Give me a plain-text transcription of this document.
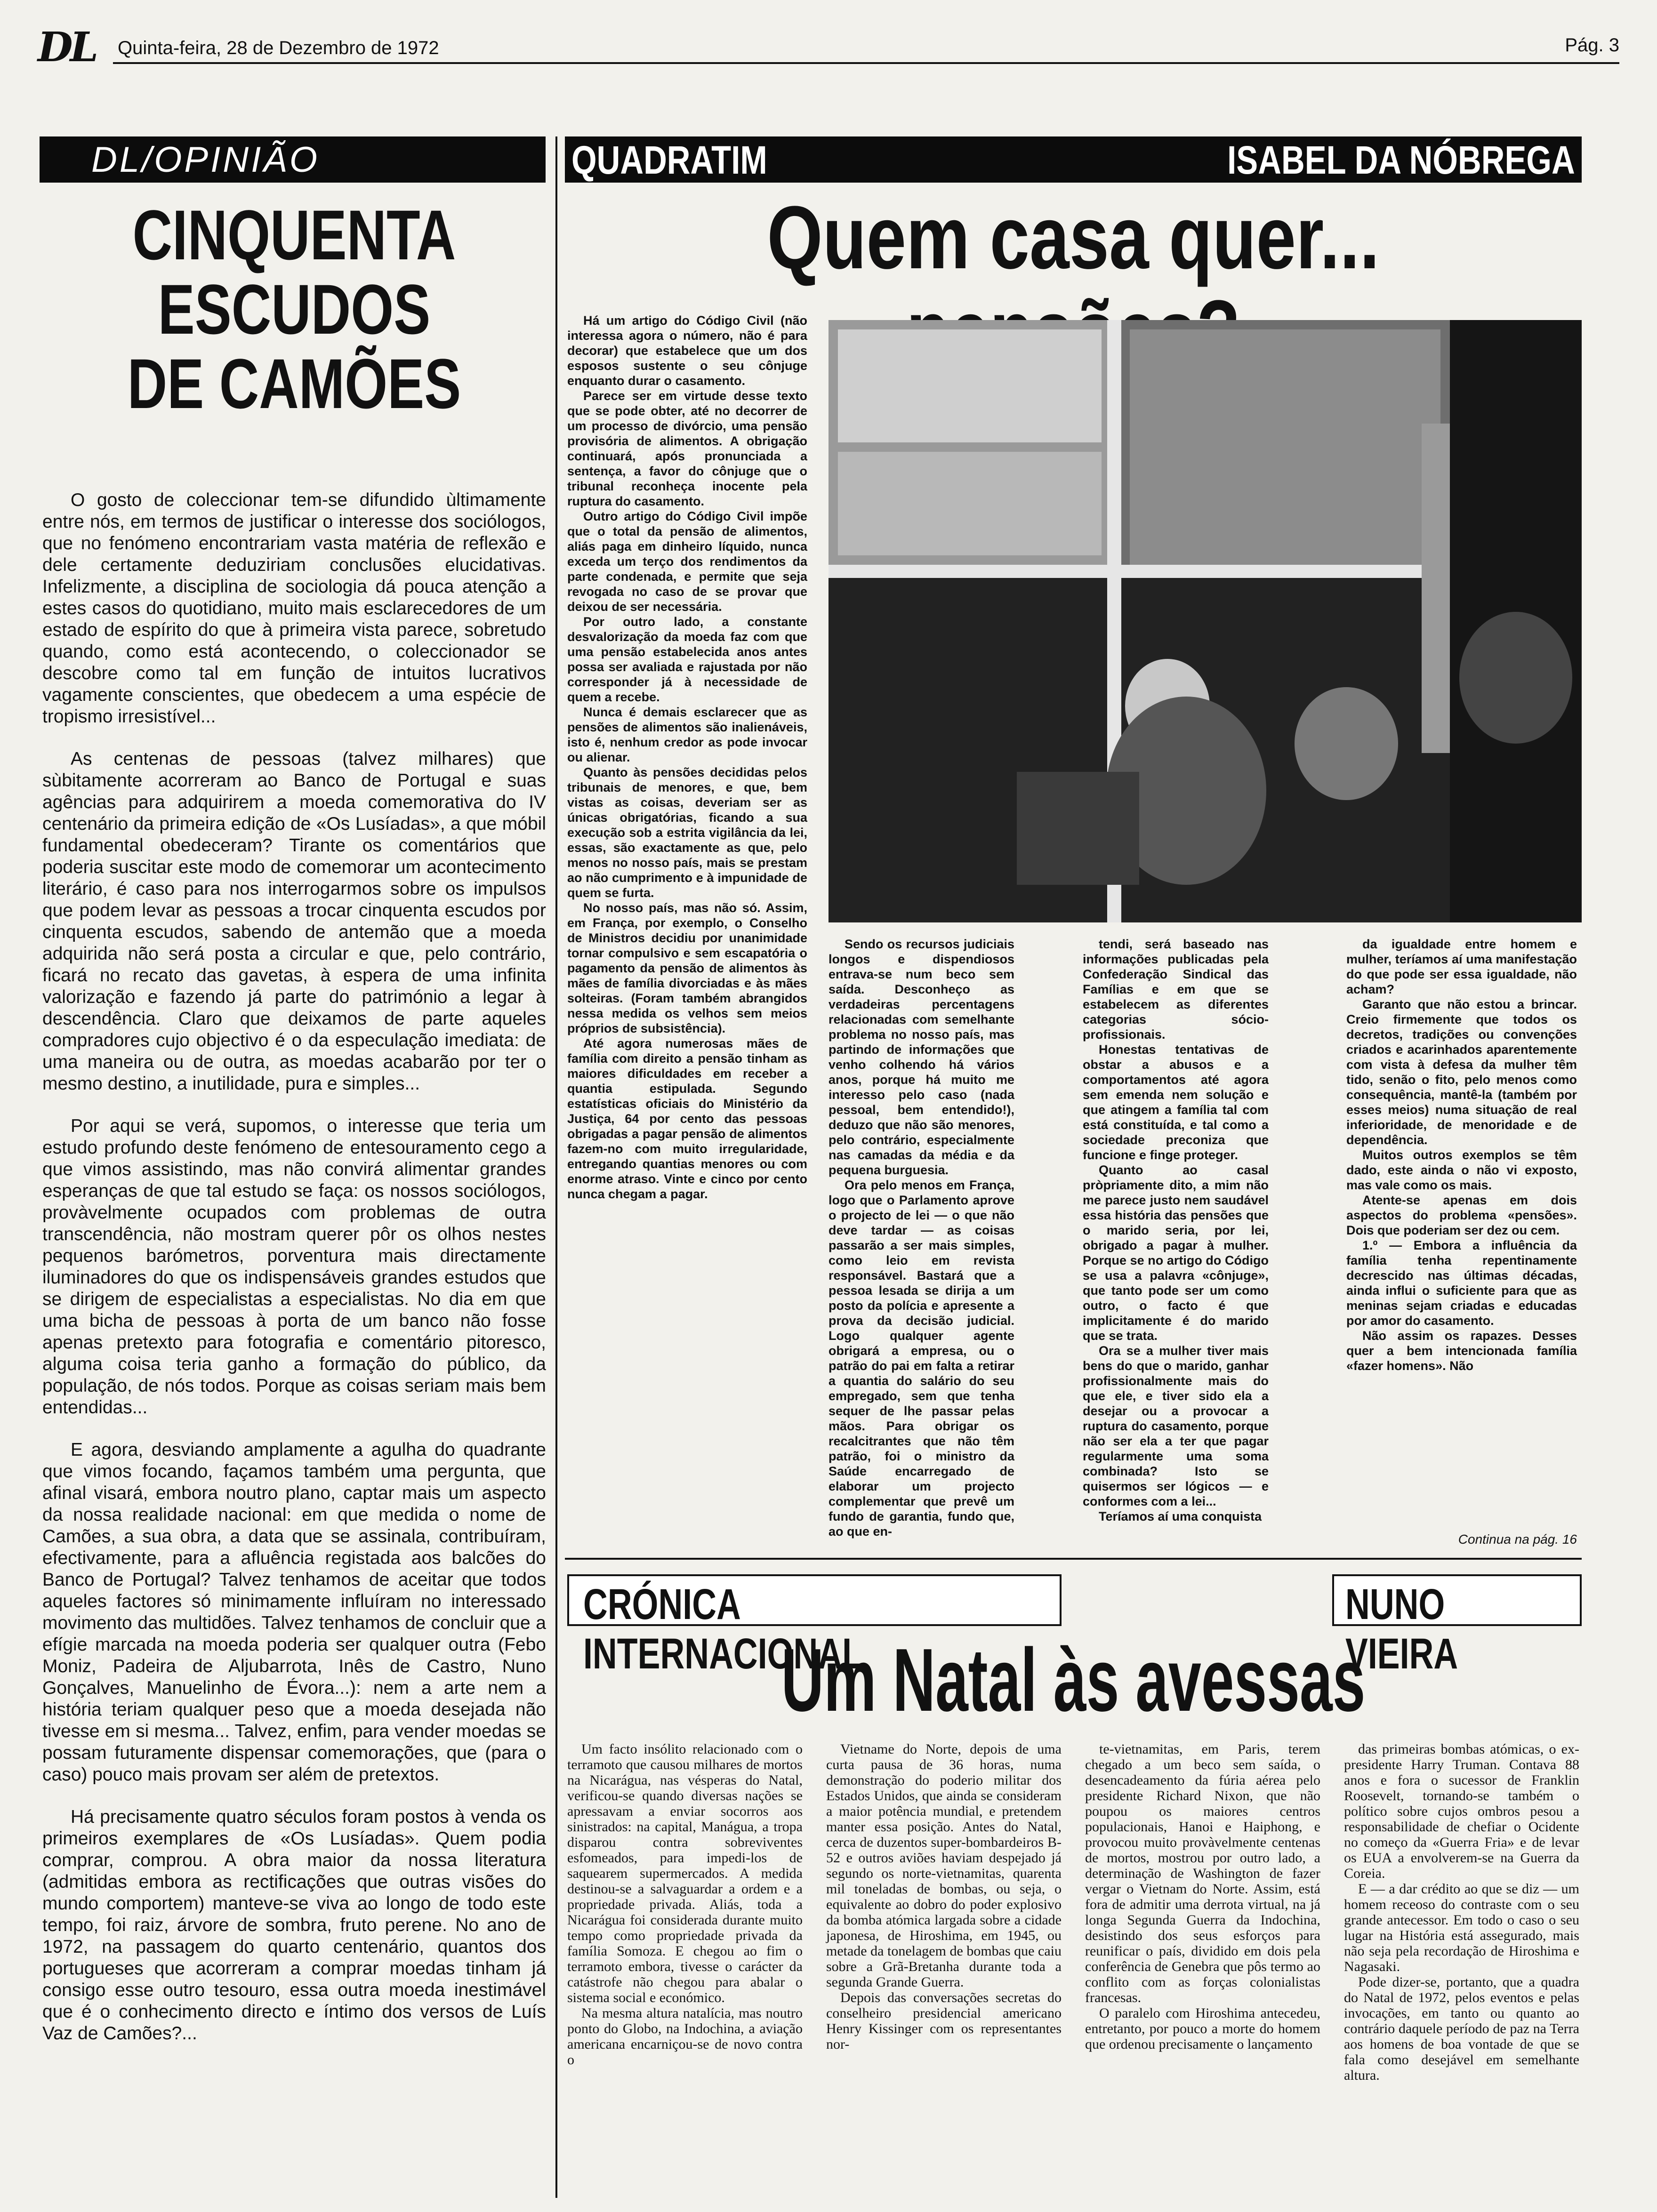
DL Quinta-feira, 28 de Dezembro de 1972	Pág. 3
DL/OPINIÃO
CINQUENTA
ESCUDOS
DE CAMÕES

O gosto de coleccionar tem-se difundido ùltimamente entre nós, em termos de justificar o interesse dos sociólogos, que no fenómeno encontrariam vasta matéria de reflexão e dele certamente deduziriam conclusões elucidativas. Infelizmente, a disciplina de sociologia dá pouca atenção a estes casos do quotidiano, muito mais esclarecedores de um estado de espírito do que à primeira vista parece, sobretudo quando, como está acontecendo, o coleccionador se descobre como tal em função de intuitos lucrativos vagamente conscientes, que obedecem a uma espécie de tropismo irresistível...

As centenas de pessoas (talvez milhares) que sùbitamente acorreram ao Banco de Portugal e suas agências para adquirirem a moeda comemorativa do IV centenário da primeira edição de «Os Lusíadas», a que móbil fundamental obedeceram? Tirante os comentários que poderia suscitar este modo de comemorar um acontecimento literário, é caso para nos interrogarmos sobre os impulsos que podem levar as pessoas a trocar cinquenta escudos por cinquenta escudos, sabendo de antemão que a moeda adquirida não será posta a circular e que, pelo contrário, ficará no recato das gavetas, à espera de uma infinita valorização e fazendo já parte do património a legar à descendência. Claro que deixamos de parte aqueles compradores cujo objectivo é o da especulação imediata: de uma maneira ou de outra, as moedas acabarão por ter o mesmo destino, a inutilidade, pura e simples...

Por aqui se verá, supomos, o interesse que teria um estudo profundo deste fenómeno de entesouramento cego a que vimos assistindo, mas não convirá alimentar grandes esperanças de que tal estudo se faça: os nossos sociólogos, provàvelmente ocupados com problemas de outra transcendência, não mostram querer pôr os olhos nestes pequenos barómetros, porventura mais directamente iluminadores do que os indispensáveis grandes estudos que se dirigem de especialistas a especialistas. No dia em que uma bicha de pessoas à porta de um banco não fosse apenas pretexto para fotografia e comentário pitoresco, alguma coisa teria ganho a formação do público, da população, de nós todos. Porque as coisas seriam mais bem entendidas...

E agora, desviando amplamente a agulha do quadrante que vimos focando, façamos também uma pergunta, que afinal visará, embora noutro plano, captar mais um aspecto da nossa realidade nacional: em que medida o nome de Camões, a sua obra, a data que se assinala, contribuíram, efectivamente, para a afluência registada aos balcões do Banco de Portugal? Talvez tenhamos de aceitar que todos aqueles factores só minimamente influíram no interessado movimento das multidões. Talvez tenhamos de concluir que a efígie marcada na moeda poderia ser qualquer outra (Febo Moniz, Padeira de Aljubarrota, Inês de Castro, Nuno Gonçalves, Manuelinho de Évora...): nem a arte nem a história teriam qualquer peso que a moeda desejada não tivesse em si mesma... Talvez, enfim, para vender moedas se possam futuramente dispensar comemorações, que (para o caso) pouco mais provam ser além de pretextos.

Há precisamente quatro séculos foram postos à venda os primeiros exemplares de «Os Lusíadas». Quem podia comprar, comprou. A obra maior da nossa literatura (admitidas embora as rectificações que outras visões do mundo comportem) manteve-se viva ao longo de todo este tempo, foi raiz, árvore de sombra, fruto perene. No ano de 1972, na passagem do quarto centenário, quantos dos portugueses que acorreram a comprar moedas tinham já consigo esse outro tesouro, essa outra moeda inestimável que é o conhecimento directo e íntimo dos versos de Luís Vaz de Camões?...

QUADRATIM	ISABEL DA NÓBREGA
Quem casa quer...

Há um artigo do Código Civil (não interessa agora o número, não é para decorar) que estabelece que um dos esposos sustente o seu cônjuge enquanto durar o casamento.

Parece ser em virtude desse texto que se pode obter, até no decorrer de um processo de divórcio, uma pensão provisória de alimentos. A obrigação continuará, após pronunciada a sentença, a favor do cônjuge que o tribunal reconheça inocente pela ruptura do casamento.

Outro artigo do Código Civil impõe que o total da pensão de alimentos, aliás paga em dinheiro líquido, nunca exceda um terço dos rendimentos da parte condenada, e permite que seja revogada no caso de se provar que deixou de ser necessária.

Por outro lado, a constante desvalorização da moeda faz com que uma pensão estabelecida anos antes possa ser avaliada e rajustada por não corresponder já à necessidade de quem a recebe.

Nunca é demais esclarecer que as pensões de alimentos são inalienáveis, isto é, nenhum credor as pode invocar ou alienar.

Quanto às pensões decididas pelos tribunais de menores, e que, bem vistas as coisas, deveriam ser as únicas obrigatórias, ficando a sua execução sob a estrita vigilância da lei, essas, são exactamente as que, pelo menos no nosso país, mais se prestam ao não cumprimento e à impunidade de quem se furta.

No nosso país, mas não só. Assim, em França, por exemplo, o Conselho de Ministros decidiu por unanimidade tornar compulsivo e sem escapatória o pagamento da pensão de alimentos às mães de família divorciadas e às mães solteiras. (Foram também abrangidos nessa medida os velhos sem meios próprios de subsistência).

Até agora numerosas mães de família com direito a pensão tinham as maiores dificuldades em receber a quantia estipulada. Segundo estatísticas oficiais do Ministério da Justiça, 64 por cento das pessoas obrigadas a pagar pensão de alimentos fazem-no com muito irregularidade, entregando quantias menores ou com enorme atraso. Vinte e cinco por cento nunca chegam a pagar.

Sendo os recursos judiciais longos e dispendiosos entrava-se num beco sem saída. Desconheço as verdadeiras percentagens relacionadas com semelhante problema no nosso país, mas partindo de informações que venho colhendo há vários anos, porque há muito me interesso pelo caso (nada pessoal, bem entendido!), deduzo que não são menores, pelo contrário, especialmente nas camadas da média e da pequena burguesia.

Ora pelo menos em França, logo que o Parlamento aprove o projecto de lei — o que não deve tardar — as coisas passarão a ser mais simples, como leio em revista responsável. Bastará que a pessoa lesada se dirija a um posto da polícia e apresente a prova da decisão judicial. Logo qualquer agente obrigará a empresa, ou o patrão do pai em falta a retirar a quantia do salário do seu empregado, sem que tenha sequer de lhe passar pelas mãos. Para obrigar os recalcitrantes que não têm patrão, foi o ministro da Saúde encarregado de elaborar um projecto complementar que prevê um fundo de garantia, fundo que, ao que en-

tendi, será baseado nas informações publicadas pela Confederação Sindical das Famílias e em que se estabelecem as diferentes categorias sócio-profissionais.

Honestas tentativas de obstar a abusos e a comportamentos até agora sem emenda nem solução e que atingem a família tal com está constituída, e tal como a sociedade preconiza que funcione e finge proteger.

Quanto ao casal pròpriamente dito, a mim não me parece justo nem saudável essa história das pensões que o marido seria, por lei, obrigado a pagar à mulher. Porque se no artigo do Código se usa a palavra «cônjuge», que tanto pode ser um como outro, o facto é que implicitamente é do marido que se trata.

Ora se a mulher tiver mais bens do que o marido, ganhar profissionalmente mais do que ele, e tiver sido ela a desejar ou a provocar a ruptura do casamento, porque não ser ela a ter que pagar regularmente uma soma combinada? Isto se quisermos ser lógicos — e conformes com a lei...

Teríamos aí uma conquista

da igualdade entre homem e mulher, teríamos aí uma manifestação do que pode ser essa igualdade, não acham?

Garanto que não estou a brincar. Creio firmemente que todos os decretos, tradições ou convenções criados e acarinhados aparentemente com vista à defesa da mulher têm tido, senão o fito, pelo menos como consequência, mantê-la (também por esses meios) numa situação de real inferioridade, de menoridade e de dependência.

Muitos outros exemplos se têm dado, este ainda o não vi exposto, mas vale como os mais.

Atente-se apenas em dois aspectos do problema «pensões». Dois que poderiam ser dez ou cem.

1.º — Embora a influência da família tenha repentinamente decrescido nas últimas décadas, ainda influi o suficiente para que as meninas sejam criadas e educadas por amor do casamento.

Não assim os rapazes. Desses quer a bem intencionada família «fazer homens». Não

Continua na pág. 16
CRÓNICA INTERNACIONAL
NUNO VIEIRA
Um Natal às avessas

Um facto insólito relacionado com o terramoto que causou milhares de mortos na Nicarágua, nas vésperas do Natal, verificou-se quando diversas nações se apressavam a enviar socorros aos sinistrados: na capital, Manágua, a tropa disparou contra sobreviventes esfomeados, para impedi-los de saquearem supermercados. A medida destinou-se a salvaguardar a ordem e a propriedade privada. Aliás, toda a Nicarágua foi considerada durante muito tempo como propriedade privada da família Somoza. E chegou ao fim o terramoto embora, tivesse o carácter da catástrofe não chegou para abalar o sistema social e económico.

Na mesma altura natalícia, mas noutro ponto do Globo, na Indochina, a aviação americana encarniçou-se de novo contra o

Vietname do Norte, depois de uma curta pausa de 36 horas, numa demonstração do poderio militar dos Estados Unidos, que ainda se consideram a maior potência mundial, e pretendem manter essa posição. Antes do Natal, cerca de duzentos super-bombardeiros B-52 e outros aviões haviam despejado já segundo os norte-vietnamitas, quarenta mil toneladas de bombas, ou seja, o equivalente ao dobro do poder explosivo da bomba atómica largada sobre a cidade japonesa, de Hiroshima, em 1945, ou metade da tonelagem de bombas que caiu sobre a Grã-Bretanha durante toda a segunda Grande Guerra.

Depois das conversações secretas do conselheiro presidencial americano Henry Kissinger com os representantes nor-

te-vietnamitas, em Paris, terem chegado a um beco sem saída, o desencadeamento da fúria aérea pelo presidente Richard Nixon, que não poupou os maiores centros populacionais, Hanoi e Haiphong, e provocou muito provàvelmente centenas de mortos, mostrou por outro lado, a determinação de Washington de fazer vergar o Vietnam do Norte. Assim, está fora de admitir uma derrota virtual, na já longa Segunda Guerra da Indochina, desistindo dos seus esforços para reunificar o país, dividido em dois pela conferência de Genebra que pôs termo ao conflito com as forças colonialistas francesas.

O paralelo com Hiroshima antecedeu, entretanto, por pouco a morte do homem que ordenou precisamente o lançamento

das primeiras bombas atómicas, o ex-presidente Harry Truman. Contava 88 anos e fora o sucessor de Franklin Roosevelt, tornando-se também o político sobre cujos ombros pesou a responsabilidade de chefiar o Ocidente no começo da «Guerra Fria» e de levar os EUA a envolverem-se na Guerra da Coreia.

E — a dar crédito ao que se diz — um homem receoso do contraste com o seu grande antecessor. Em todo o caso o seu lugar na História está assegurado, mais não seja pela recordação de Hiroshima e Nagasaki.

Pode dizer-se, portanto, que a quadra do Natal de 1972, pelos eventos e pelas invocações, em tanto ou quanto ao contrário daquele período de paz na Terra aos homens de boa vontade de que se fala como desejável em semelhante altura.
